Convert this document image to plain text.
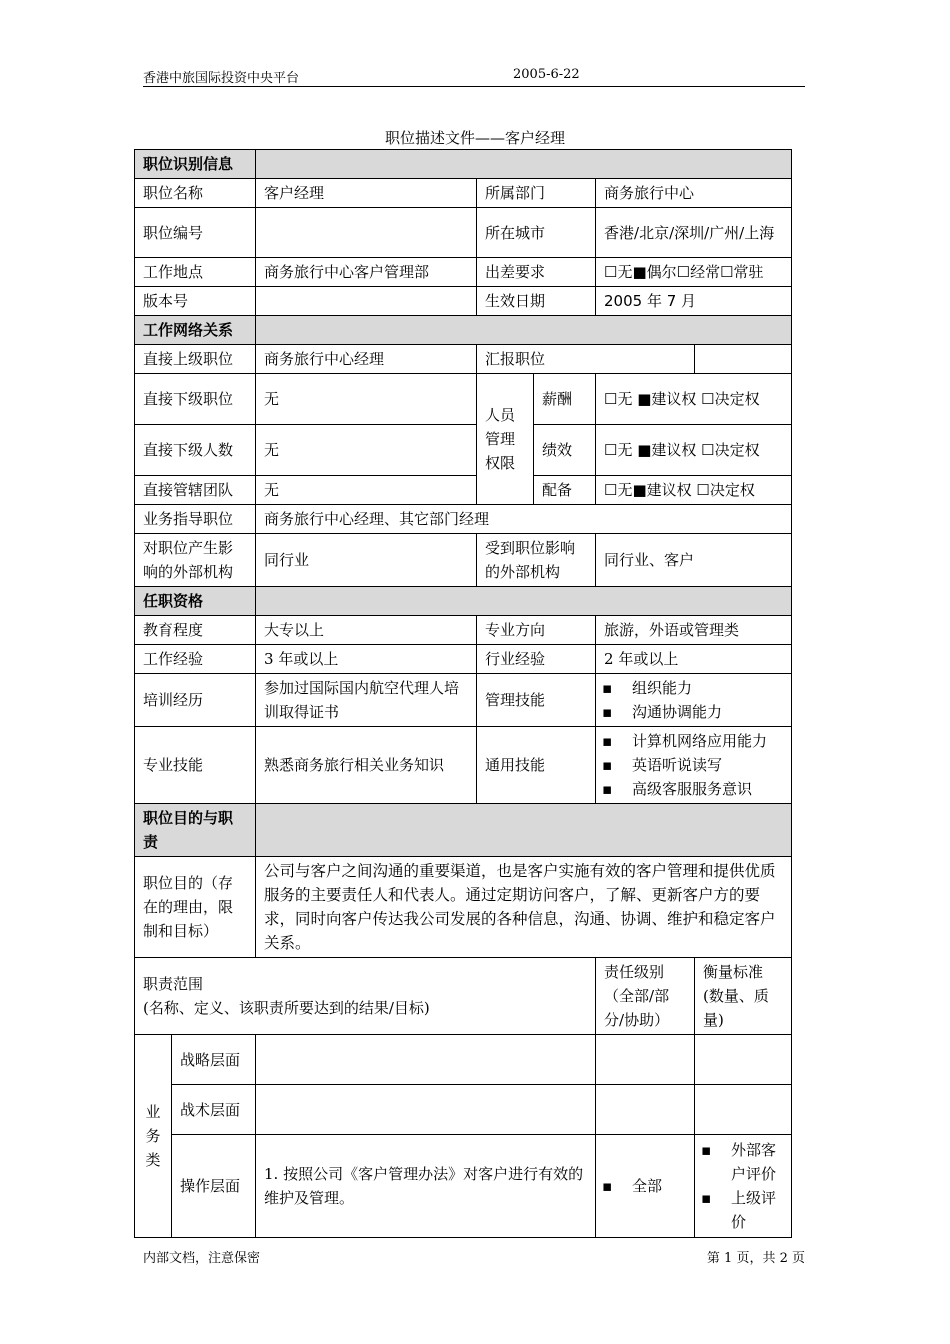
香港中旅国际投资中央平台	2005-6-22
职位描述文件——客户经理
职位识别信息						
职位名称		客户经理	所属部门		商务旅行中心	
职位编号			所在城市		香港/北京/深圳/广州/上海	
工作地点		商务旅行中心客户管理部	出差要求		☐无■偶尔☐经常☐常驻	
版本号			生效日期		2005 年 7 月	
工作网络关系						
直接上级职位		商务旅行中心经理	汇报职位			
直接下级职位		无	人员管理权限	薪酬	☐无 ■建议权 ☐决定权	
直接下级人数		无		绩效	☐无 ■建议权 ☐决定权	
直接管辖团队		无		配备	☐无■建议权 ☐决定权	
业务指导职位		商务旅行中心经理、其它部门经理				
对职位产生影响的外部机构		同行业	受到职位影响的外部机构		同行业、客户	
任职资格						
教育程度		大专以上	专业方向		旅游，外语或管理类	
工作经验		3 年或以上	行业经验		2 年或以上	
培训经历		参加过国际国内航空代理人培训取得证书	管理技能		▪ 组织能力
▪ 沟通协调能力

专业技能		熟悉商务旅行相关业务知识	通用技能		▪ 计算机网络应用能力
▪ 英语听说读写
▪ 高级客服服务意识

职位目的与职责						
职位目的（存在的理由，限制和目标）		公司与客户之间沟通的重要渠道，也是客户实施有效的客户管理和提供优质服务的主要责任人和代表人。通过定期访问客户，了解、更新客户方的要求，同时向客户传达我公司发展的各种信息，沟通、协调、维护和稳定客户关系。				

职责范围
(名称、定义、该职责所要达到的结果/目标)					责任级别（全部/部分/协助）	衡量标准(数量、质量)
业务类	战略层面					
	战术层面					
	操作层面	1. 按照公司《客户管理办法》对客户进行有效的维护及管理。			▪ 全部	▪ 外部客户评价
▪ 上级评价
内部文档，注意保密	第 1 页，共 2 页
